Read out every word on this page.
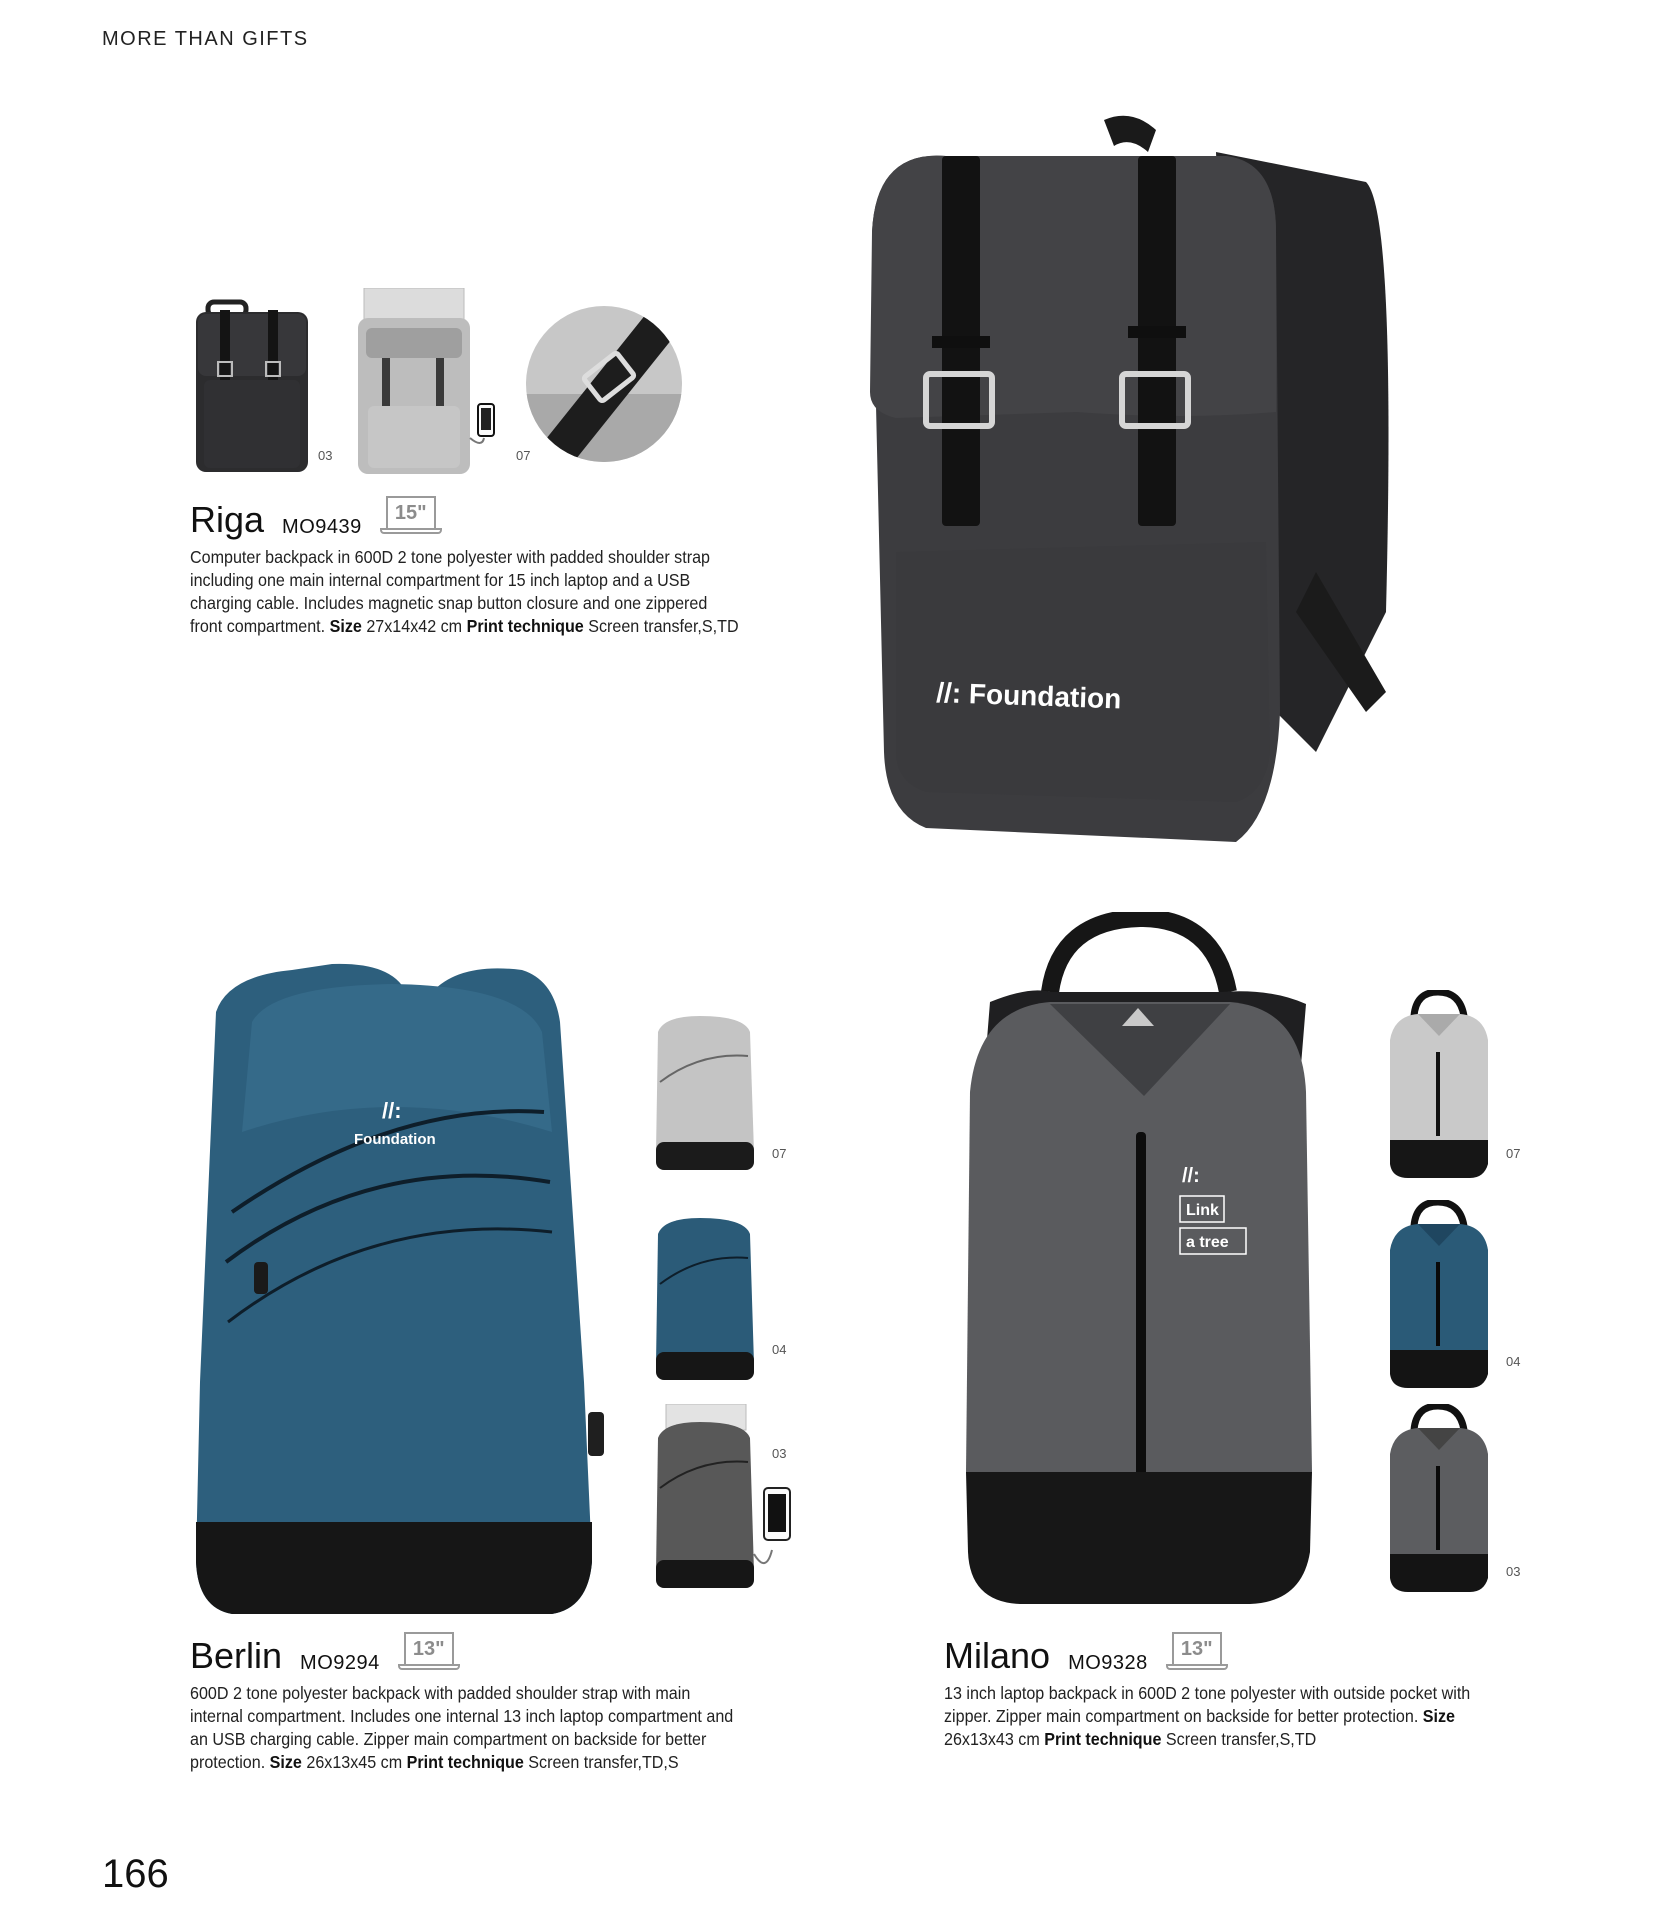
MORE THAN GIFTS
03	07
Riga MO9439
15"
Computer backpack in 600D 2 tone polyester with padded shoulder strap including one main internal compartment for 15 inch laptop and a USB charging cable. Includes magnetic snap button closure and one zippered front compartment. Size 27x14x42 cm Print technique Screen transfer,S,TD
//: Foundation
//:
Foundation
07
04
03
Berlin MO9294
13"
600D 2 tone polyester backpack with padded shoulder strap with main internal compartment. Includes one internal 13 inch laptop compartment and an USB charging cable. Zipper main compartment on backside for better protection. Size 26x13x45 cm Print technique Screen transfer,TD,S
//:
Link
a tree
07
04
03
Milano MO9328
13"
13 inch laptop backpack in 600D 2 tone polyester with outside pocket with zipper. Zipper main compartment on backside for better protection. Size 26x13x43 cm Print technique Screen transfer,S,TD
166
